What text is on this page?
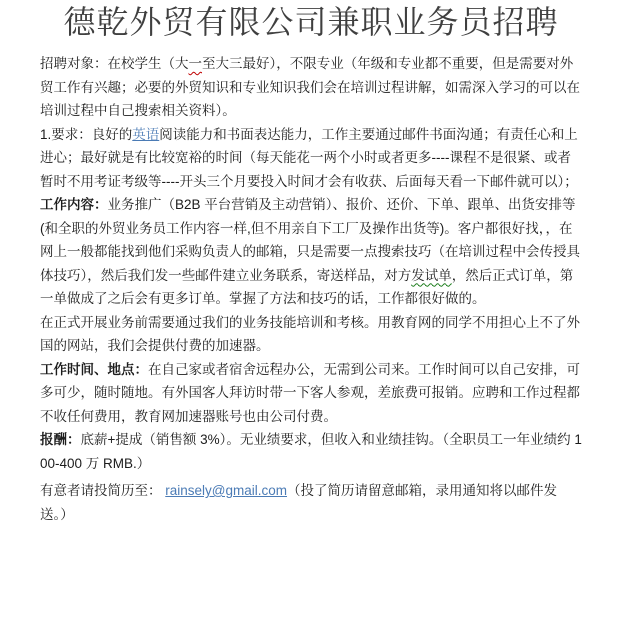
德乾外贸有限公司兼职业务员招聘

招聘对象：在校学生（大一至大三最好），不限专业（年级和专业都不重要，但是需要对外贸工作有兴趣；必要的外贸知识和专业知识我们会在培训过程讲解，如需深入学习的可以在培训过程中自己搜索相关资料）。

1.要求：良好的英语阅读能力和书面表达能力，工作主要通过邮件书面沟通；有责任心和上进心；最好就是有比较宽裕的时间（每天能花一两个小时或者更多----课程不是很紧、或者暂时不用考证考级等----开头三个月要投入时间才会有收获、后面每天看一下邮件就可以）；

工作内容：业务推广（B2B 平台营销及主动营销）、报价、还价、下单、跟单、出货安排等(和全职的外贸业务员工作内容一样,但不用亲自下工厂及操作出货等)。客户都很好找，，在网上一般都能找到他们采购负责人的邮箱，只是需要一点搜索技巧（在培训过程中会传授具体技巧），然后我们发一些邮件建立业务联系，寄送样品，对方发试单，然后正式订单，第一单做成了之后会有更多订单。掌握了方法和技巧的话，工作都很好做的。

在正式开展业务前需要通过我们的业务技能培训和考核。用教育网的同学不用担心上不了外国的网站，我们会提供付费的加速器。

工作时间、地点：在自己家或者宿舍远程办公，无需到公司来。工作时间可以自己安排，可多可少，随时随地。有外国客人拜访时带一下客人参观，差旅费可报销。应聘和工作过程都不收任何费用，教育网加速器账号也由公司付费。

报酬：底薪+提成（销售额 3%）。无业绩要求，但收入和业绩挂钩。（全职员工一年业绩约 100-400 万 RMB.）

有意者请投简历至： rainsely@gmail.com（投了简历请留意邮箱，录用通知将以邮件发送。）
